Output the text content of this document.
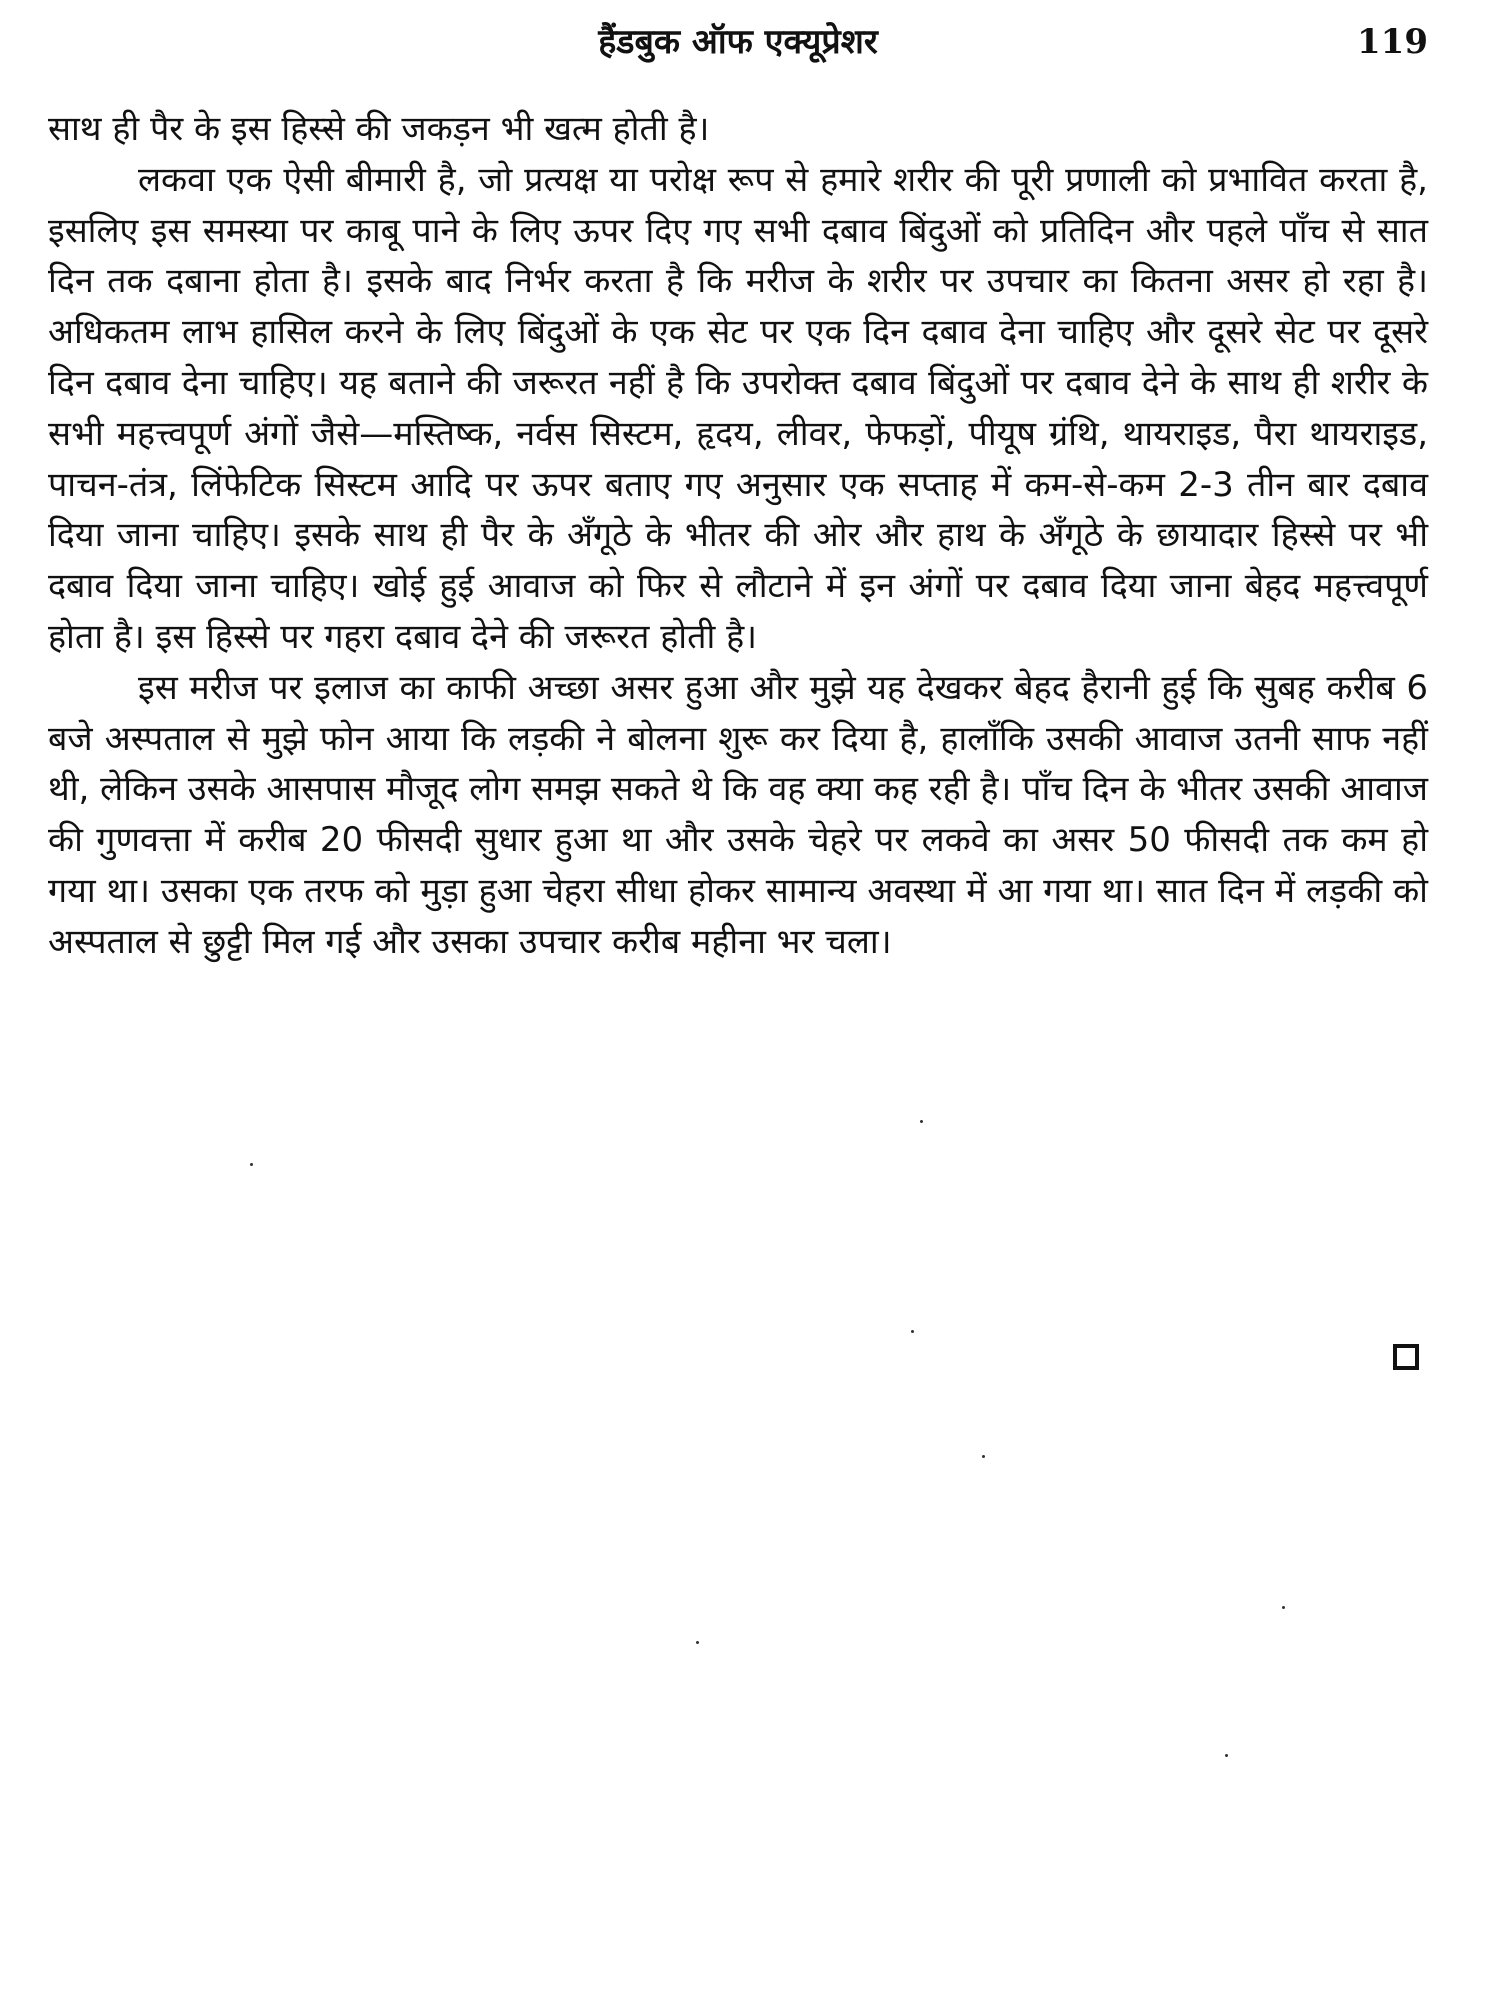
हैंडबुक ऑफ एक्यूप्रेशर	119

साथ ही पैर के इस हिस्से की जकड़न भी खत्म होती है।

लकवा एक ऐसी बीमारी है, जो प्रत्यक्ष या परोक्ष रूप से हमारे शरीर की पूरी प्रणाली को प्रभावित करता है, इसलिए इस समस्या पर काबू पाने के लिए ऊपर दिए गए सभी दबाव बिंदुओं को प्रतिदिन और पहले पाँच से सात दिन तक दबाना होता है। इसके बाद निर्भर करता है कि मरीज के शरीर पर उपचार का कितना असर हो रहा है। अधिकतम लाभ हासिल करने के लिए बिंदुओं के एक सेट पर एक दिन दबाव देना चाहिए और दूसरे सेट पर दूसरे दिन दबाव देना चाहिए। यह बताने की जरूरत नहीं है कि उपरोक्त दबाव बिंदुओं पर दबाव देने के साथ ही शरीर के सभी महत्त्वपूर्ण अंगों जैसे—मस्तिष्क, नर्वस सिस्टम, हृदय, लीवर, फेफड़ों, पीयूष ग्रंथि, थायराइड, पैरा थायराइड, पाचन-तंत्र, लिंफेटिक सिस्टम आदि पर ऊपर बताए गए अनुसार एक सप्ताह में कम-से-कम 2-3 तीन बार दबाव दिया जाना चाहिए। इसके साथ ही पैर के अँगूठे के भीतर की ओर और हाथ के अँगूठे के छायादार हिस्से पर भी दबाव दिया जाना चाहिए। खोई हुई आवाज को फिर से लौटाने में इन अंगों पर दबाव दिया जाना बेहद महत्त्वपूर्ण होता है। इस हिस्से पर गहरा दबाव देने की जरूरत होती है।

इस मरीज पर इलाज का काफी अच्छा असर हुआ और मुझे यह देखकर बेहद हैरानी हुई कि सुबह करीब 6 बजे अस्पताल से मुझे फोन आया कि लड़की ने बोलना शुरू कर दिया है, हालाँकि उसकी आवाज उतनी साफ नहीं थी, लेकिन उसके आसपास मौजूद लोग समझ सकते थे कि वह क्या कह रही है। पाँच दिन के भीतर उसकी आवाज की गुणवत्ता में करीब 20 फीसदी सुधार हुआ था और उसके चेहरे पर लकवे का असर 50 फीसदी तक कम हो गया था। उसका एक तरफ को मुड़ा हुआ चेहरा सीधा होकर सामान्य अवस्था में आ गया था। सात दिन में लड़की को अस्पताल से छुट्टी मिल गई और उसका उपचार करीब महीना भर चला।
